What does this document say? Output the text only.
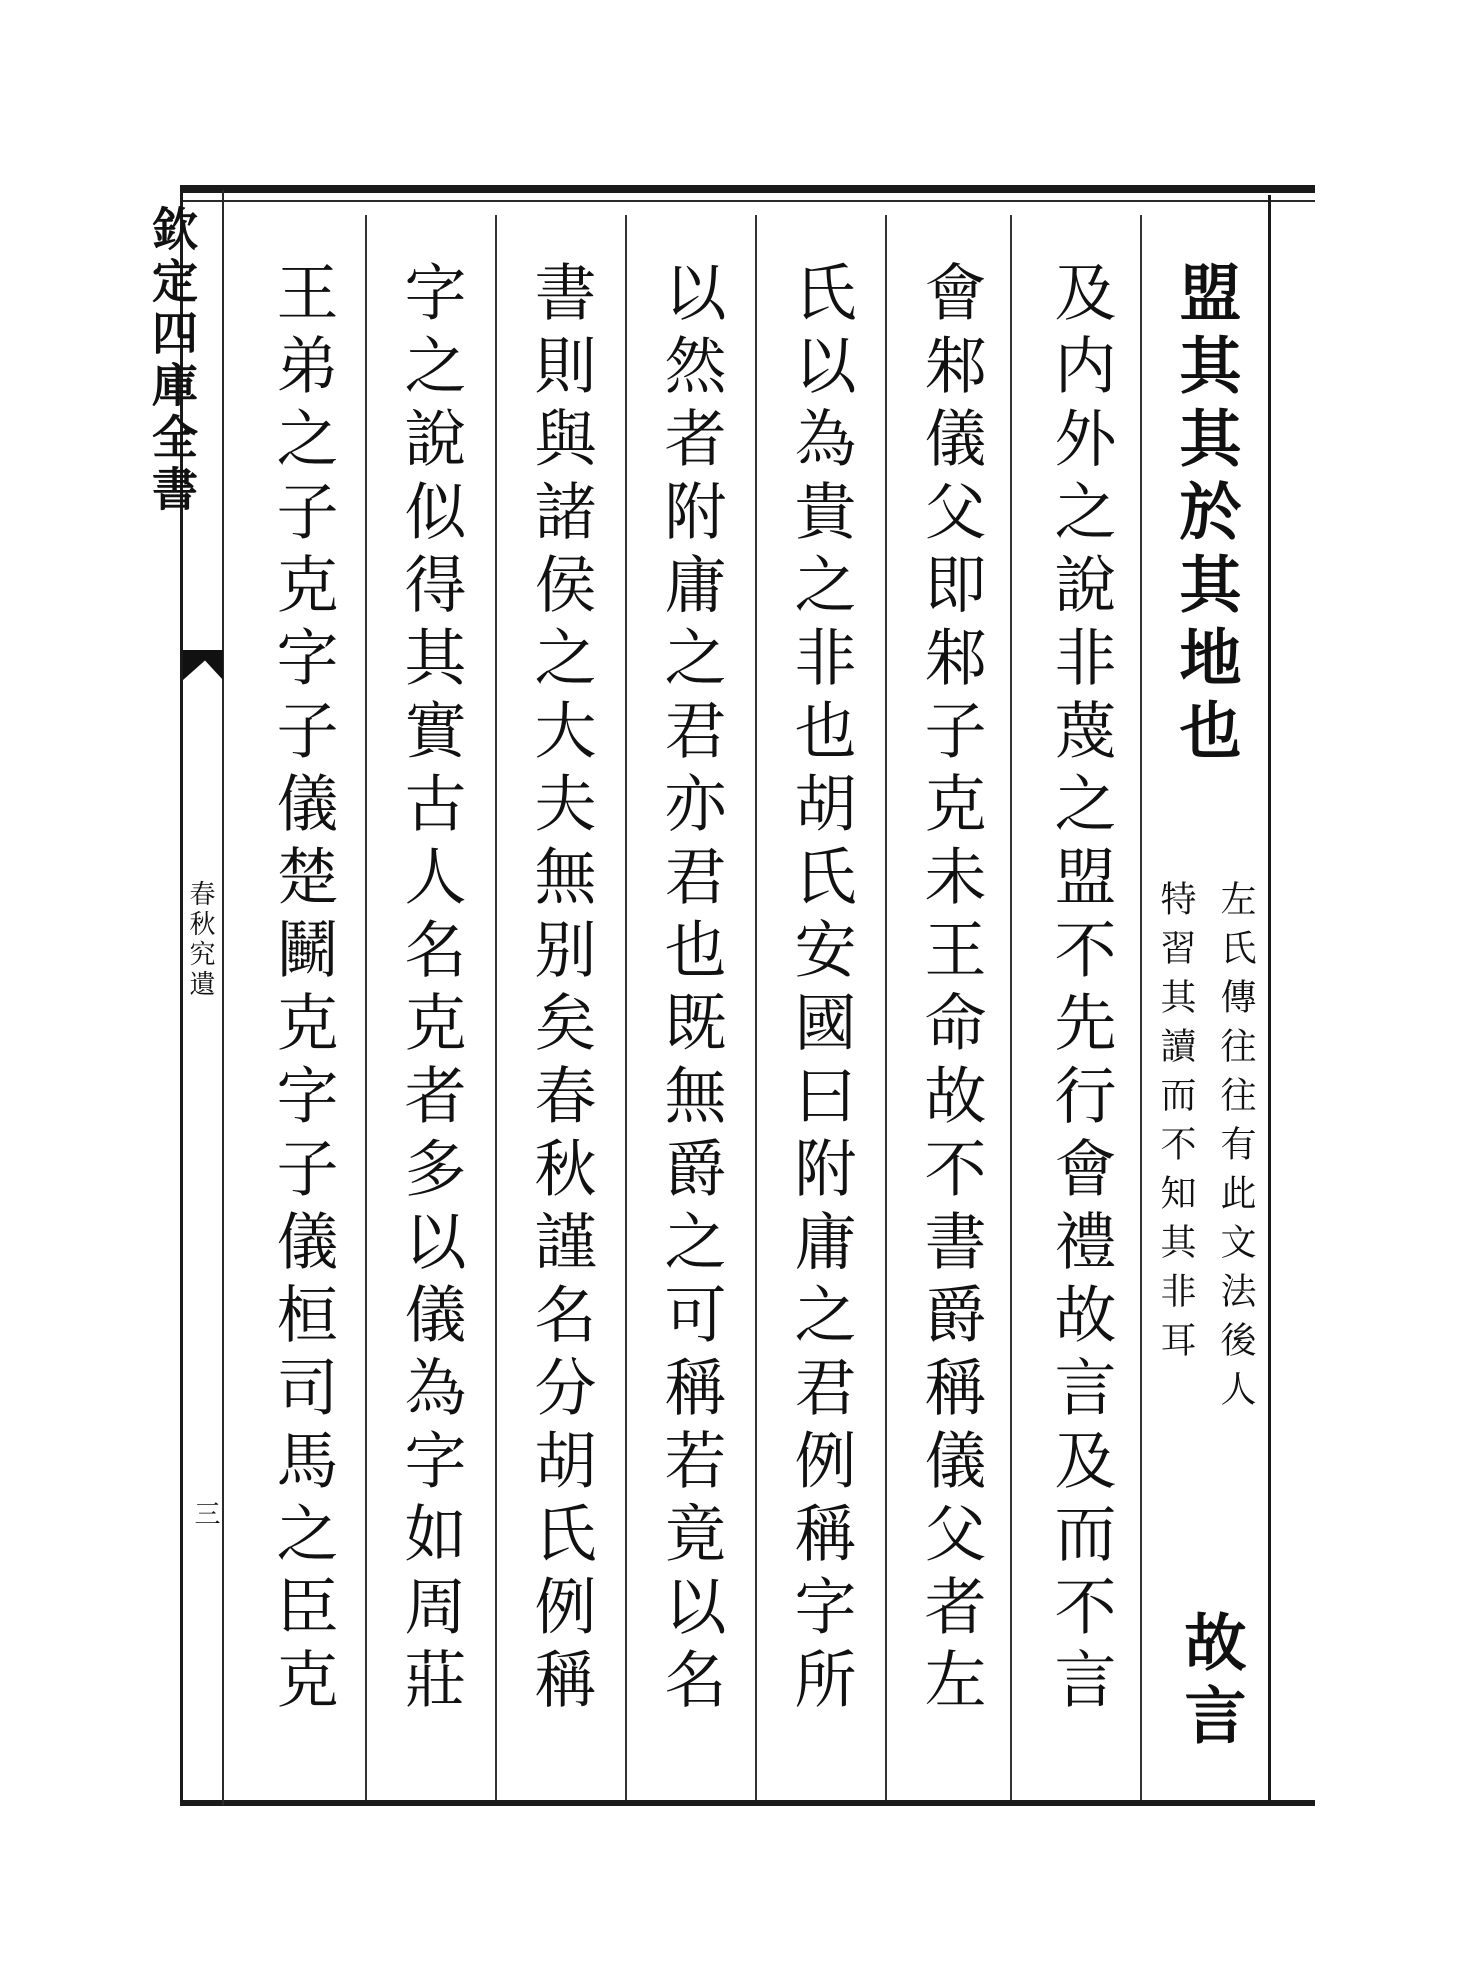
欽定四庫全書
春秋究遺
三
盟其其於其地也
左氏傳往往有此文法後人
特習其讀而不知其非耳
故言
及内外之說非蔑之盟不先行會禮故言及而不言
會邾儀父即邾子克未王命故不書爵稱儀父者左
氏以為貴之非也胡氏安國曰附庸之君例稱字所
以然者附庸之君亦君也既無爵之可稱若竟以名
書則與諸侯之大夫無别矣春秋謹名分胡氏例稱
字之說似得其實古人名克者多以儀為字如周莊
王弟之子克字子儀楚鬭克字子儀桓司馬之臣克
